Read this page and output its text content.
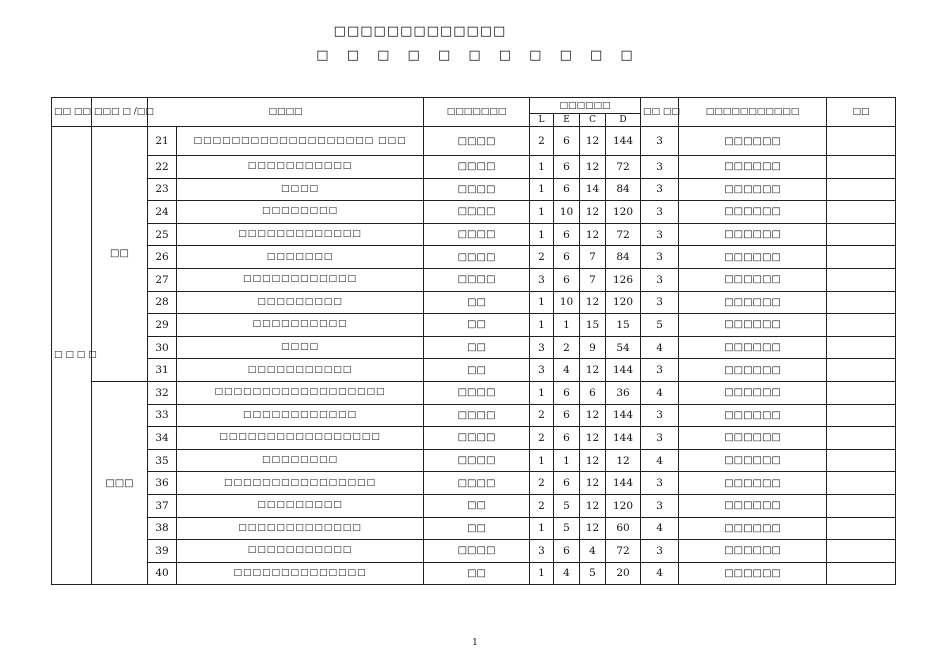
□□□□□□□□□□□□□
□ □ □ □ □ □ □ □ □ □ □
□□ □□	□□□ □ /□□	□□□□		□□□□□□□	□□□□□□				□□ □□	□□□□□□□□□□□	□□
					L	E	C	D			
□ □ □ □	□□	21	□□□□□□□□□□□□□□□□□□□ □□□	□□□□	2	6	12	144	3	□□□□□□	
		22	□□□□□□□□□□□	□□□□	1	6	12	72	3	□□□□□□	
		23	□□□□	□□□□	1	6	14	84	3	□□□□□□	
		24	□□□□□□□□	□□□□	1	10	12	120	3	□□□□□□	
		25	□□□□□□□□□□□□□	□□□□	1	6	12	72	3	□□□□□□	
		26	□□□□□□□	□□□□	2	6	7	84	3	□□□□□□	
		27	□□□□□□□□□□□□	□□□□	3	6	7	126	3	□□□□□□	
		28	□□□□□□□□□	□□	1	10	12	120	3	□□□□□□	
		29	□□□□□□□□□□	□□	1	1	15	15	5	□□□□□□	
		30	□□□□	□□	3	2	9	54	4	□□□□□□	
		31	□□□□□□□□□□□	□□	3	4	12	144	3	□□□□□□	
	□□□	32	□□□□□□□□□□□□□□□□□□	□□□□	1	6	6	36	4	□□□□□□	
		33	□□□□□□□□□□□□	□□□□	2	6	12	144	3	□□□□□□	
		34	□□□□□□□□□□□□□□□□□	□□□□	2	6	12	144	3	□□□□□□	
		35	□□□□□□□□	□□□□	1	1	12	12	4	□□□□□□	
		36	□□□□□□□□□□□□□□□□	□□□□	2	6	12	144	3	□□□□□□	
		37	□□□□□□□□□	□□	2	5	12	120	3	□□□□□□	
		38	□□□□□□□□□□□□□	□□	1	5	12	60	4	□□□□□□	
		39	□□□□□□□□□□□	□□□□	3	6	4	72	3	□□□□□□	
		40	□□□□□□□□□□□□□□	□□	1	4	5	20	4	□□□□□□	
1
